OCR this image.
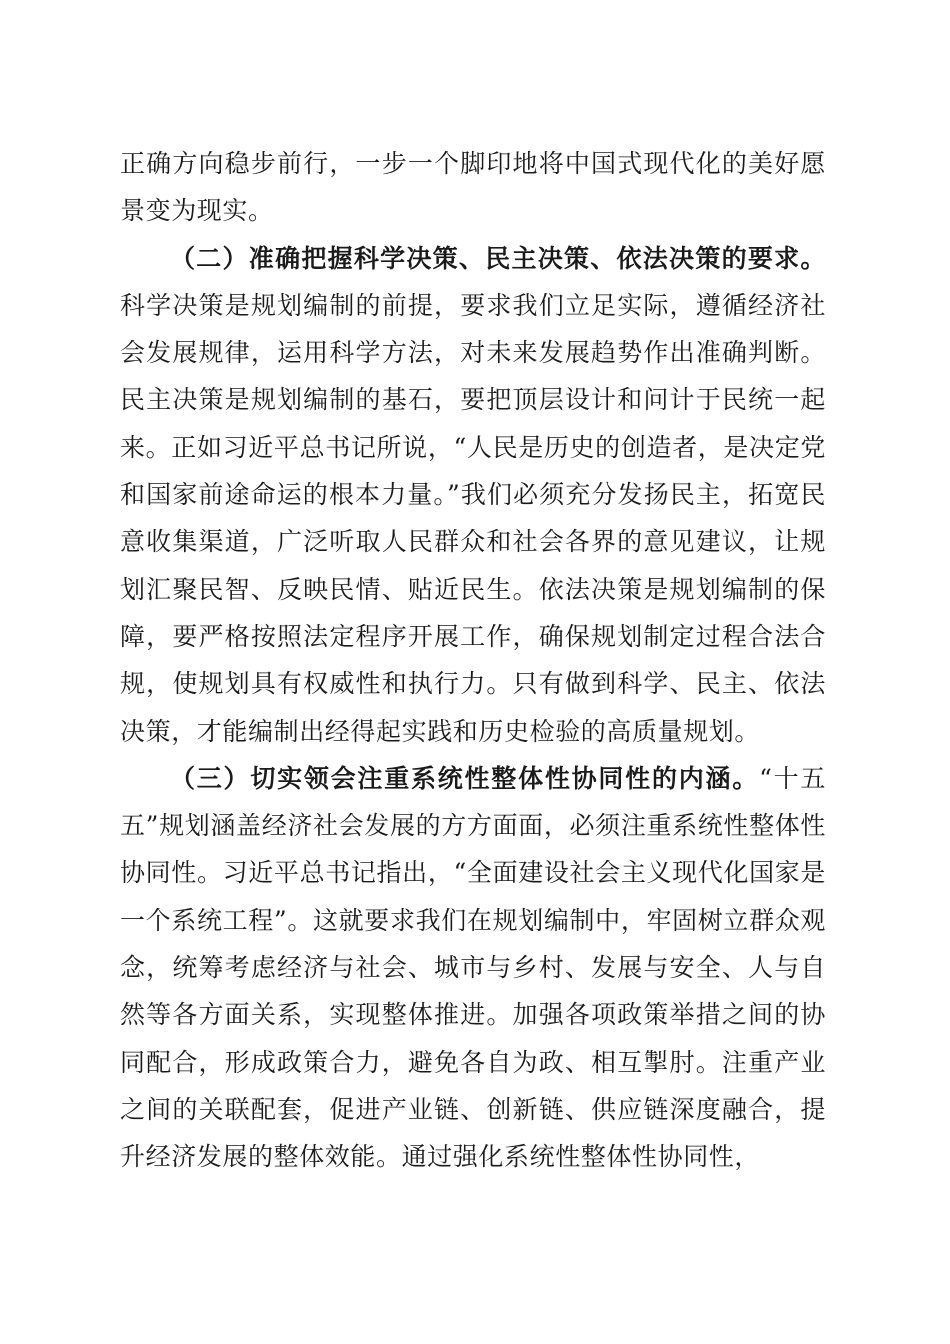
正确方向稳步前行，一步一个脚印地将中国式现代化的美好愿景变为现实。

（二）准确把握科学决策、民主决策、依法决策的要求。科学决策是规划编制的前提，要求我们立足实际，遵循经济社会发展规律，运用科学方法，对未来发展趋势作出准确判断。民主决策是规划编制的基石，要把顶层设计和问计于民统一起来。正如习近平总书记所说，“人民是历史的创造者，是决定党和国家前途命运的根本力量。”我们必须充分发扬民主，拓宽民意收集渠道，广泛听取人民群众和社会各界的意见建议，让规划汇聚民智、反映民情、贴近民生。依法决策是规划编制的保障，要严格按照法定程序开展工作，确保规划制定过程合法合规，使规划具有权威性和执行力。只有做到科学、民主、依法决策，才能编制出经得起实践和历史检验的高质量规划。

（三）切实领会注重系统性整体性协同性的内涵。“十五五”规划涵盖经济社会发展的方方面面，必须注重系统性整体性协同性。习近平总书记指出，“全面建设社会主义现代化国家是一个系统工程”。这就要求我们在规划编制中，牢固树立群众观念，统筹考虑经济与社会、城市与乡村、发展与安全、人与自然等各方面关系，实现整体推进。加强各项政策举措之间的协同配合，形成政策合力，避免各自为政、相互掣肘。注重产业之间的关联配套，促进产业链、创新链、供应链深度融合，提升经济发展的整体效能。通过强化系统性整体性协同性，
